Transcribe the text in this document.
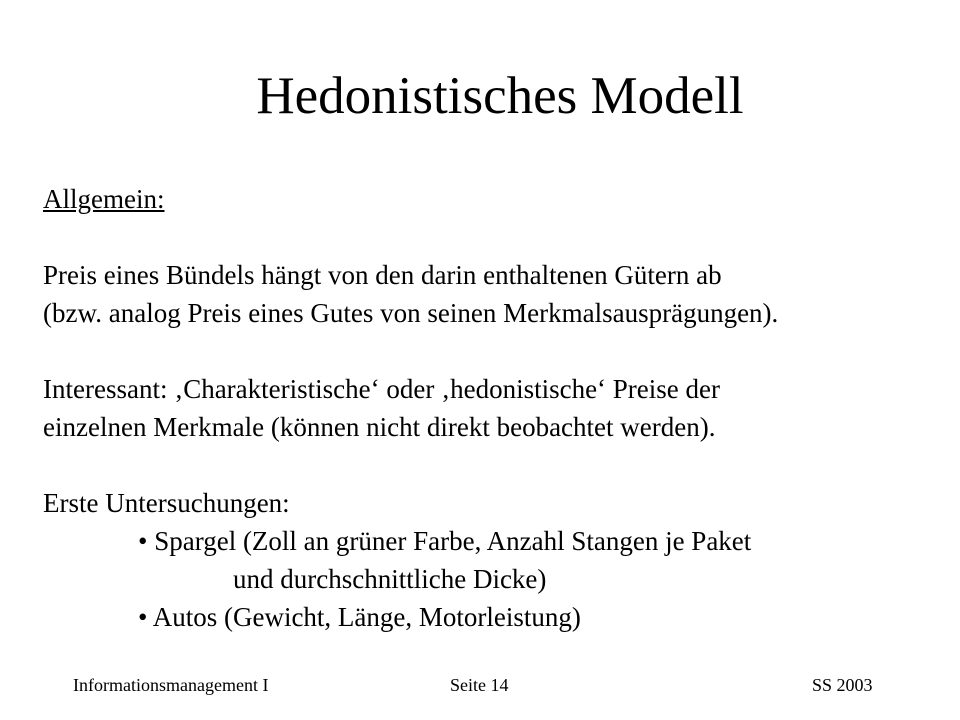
Hedonistisches Modell
Allgemein:
Preis eines Bündels hängt von den darin enthaltenen Gütern ab
(bzw. analog Preis eines Gutes von seinen Merkmalsausprägungen).
Interessant: ‚Charakteristische‘ oder ‚hedonistische‘ Preise der
einzelnen Merkmale (können nicht direkt beobachtet werden).
Erste Untersuchungen:
• Spargel (Zoll an grüner Farbe, Anzahl Stangen je Paket
und durchschnittliche Dicke)
• Autos (Gewicht, Länge, Motorleistung)
Informationsmanagement I	Seite 14	SS 2003
